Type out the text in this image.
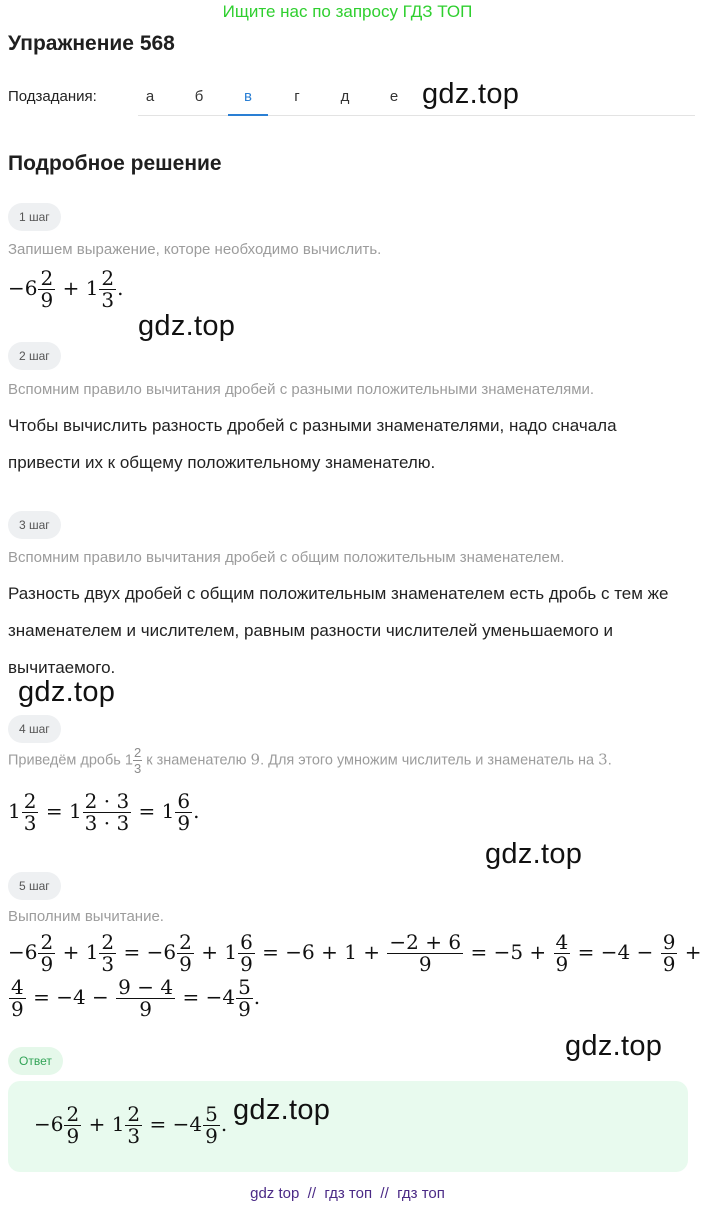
Ищите нас по запросу ГДЗ ТОП
Упражнение 568
Подзадания:	а	б	в	г	д	е gdz.top
Подробное решение
1 шаг
Запишем выражение, которе необходимо вычислить.
$-6 \frac{2}{9} + 1 \frac{2}{3}$ .
gdz.top
2 шаг
Вспомним правило вычитания дробей с разными положительными знаменателями.
Чтобы вычислить разность дробей с разными знаменателями, надо сначала привести их к общему положительному знаменателю.
3 шаг
Вспомним правило вычитания дробей с общим положительным знаменателем.
Разность двух дробей с общим положительным знаменателем есть дробь с тем же знаменателем и числителем, равным разности числителей уменьшаемого и вычитаемого.
gdz.top
4 шаг
Приведём дробь $1 \frac{2}{3}$ к знаменателю 9. Для этого умножим числитель и знаменатель на 3.
$1 \frac{2}{3} = 1 \frac{2 \cdot 3}{3 \cdot 3} = 1 \frac{6}{9}$ .
gdz.top
5 шаг
Выполним вычитание.
$-6 \frac{2}{9} + 1 \frac{2}{3} = -6 \frac{2}{9} + 1 \frac{6}{9} = -6 + 1 + \frac{-2 + 6}{9} = -5 + \frac{4}{9} = -4 - \frac{9}{9}$ +
$\frac{4}{9} = -4 - \frac{9 - 4}{9} = -4 \frac{5}{9}$ .
gdz.top
Ответ
$-6 \frac{2}{9} + 1 \frac{2}{3} = -4 \frac{5}{9}$ . gdz.top
gdz top  //  гдз топ  //  гдз топ
